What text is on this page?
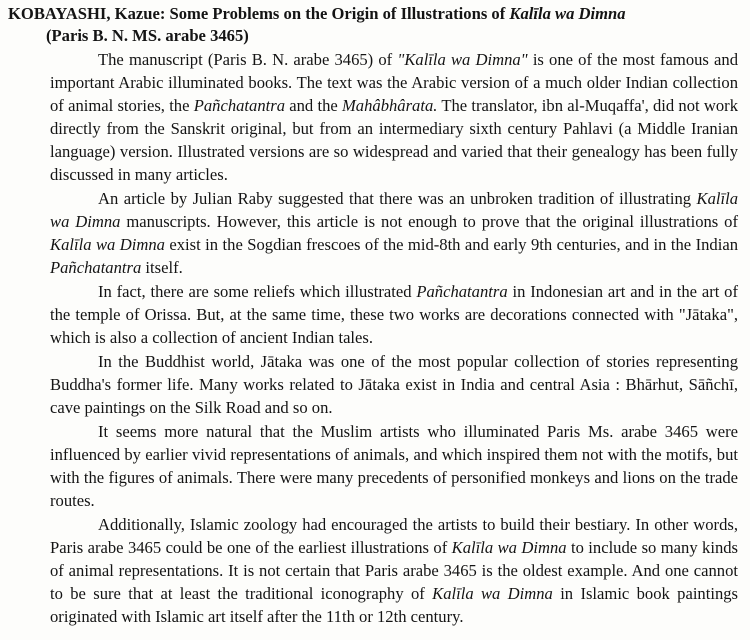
KOBAYASHI, Kazue: Some Problems on the Origin of Illustrations of Kalīla wa Dimna
(Paris B. N. MS. arabe 3465)

The manuscript (Paris B. N. arabe 3465) of "Kalīla wa Dimna" is one of the most famous and important Arabic illuminated books. The text was the Arabic version of a much older Indian collection of animal stories, the Pañchatantra and the Mahâbhârata. The translator, ibn al-Muqaffa', did not work directly from the Sanskrit original, but from an intermediary sixth century Pahlavi (a Middle Iranian language) version. Illustrated versions are so widespread and varied that their genealogy has been fully discussed in many articles.

An article by Julian Raby suggested that there was an unbroken tradition of illustrating Kalīla wa Dimna manuscripts. However, this article is not enough to prove that the original illustrations of Kalīla wa Dimna exist in the Sogdian frescoes of the mid-8th and early 9th centuries, and in the Indian Pañchatantra itself.

In fact, there are some reliefs which illustrated Pañchatantra in Indonesian art and in the art of the temple of Orissa. But, at the same time, these two works are decorations connected with "Jātaka", which is also a collection of ancient Indian tales.

In the Buddhist world, Jātaka was one of the most popular collection of stories representing Buddha's former life. Many works related to Jātaka exist in India and central Asia : Bhārhut, Sāñchī, cave paintings on the Silk Road and so on.

It seems more natural that the Muslim artists who illuminated Paris Ms. arabe 3465 were influenced by earlier vivid representations of animals, and which inspired them not with the motifs, but with the figures of animals. There were many precedents of personified monkeys and lions on the trade routes.

Additionally, Islamic zoology had encouraged the artists to build their bestiary. In other words, Paris arabe 3465 could be one of the earliest illustrations of Kalīla wa Dimna to include so many kinds of animal representations. It is not certain that Paris arabe 3465 is the oldest example. And one cannot to be sure that at least the traditional iconography of Kalīla wa Dimna in Islamic book paintings originated with Islamic art itself after the 11th or 12th century.
